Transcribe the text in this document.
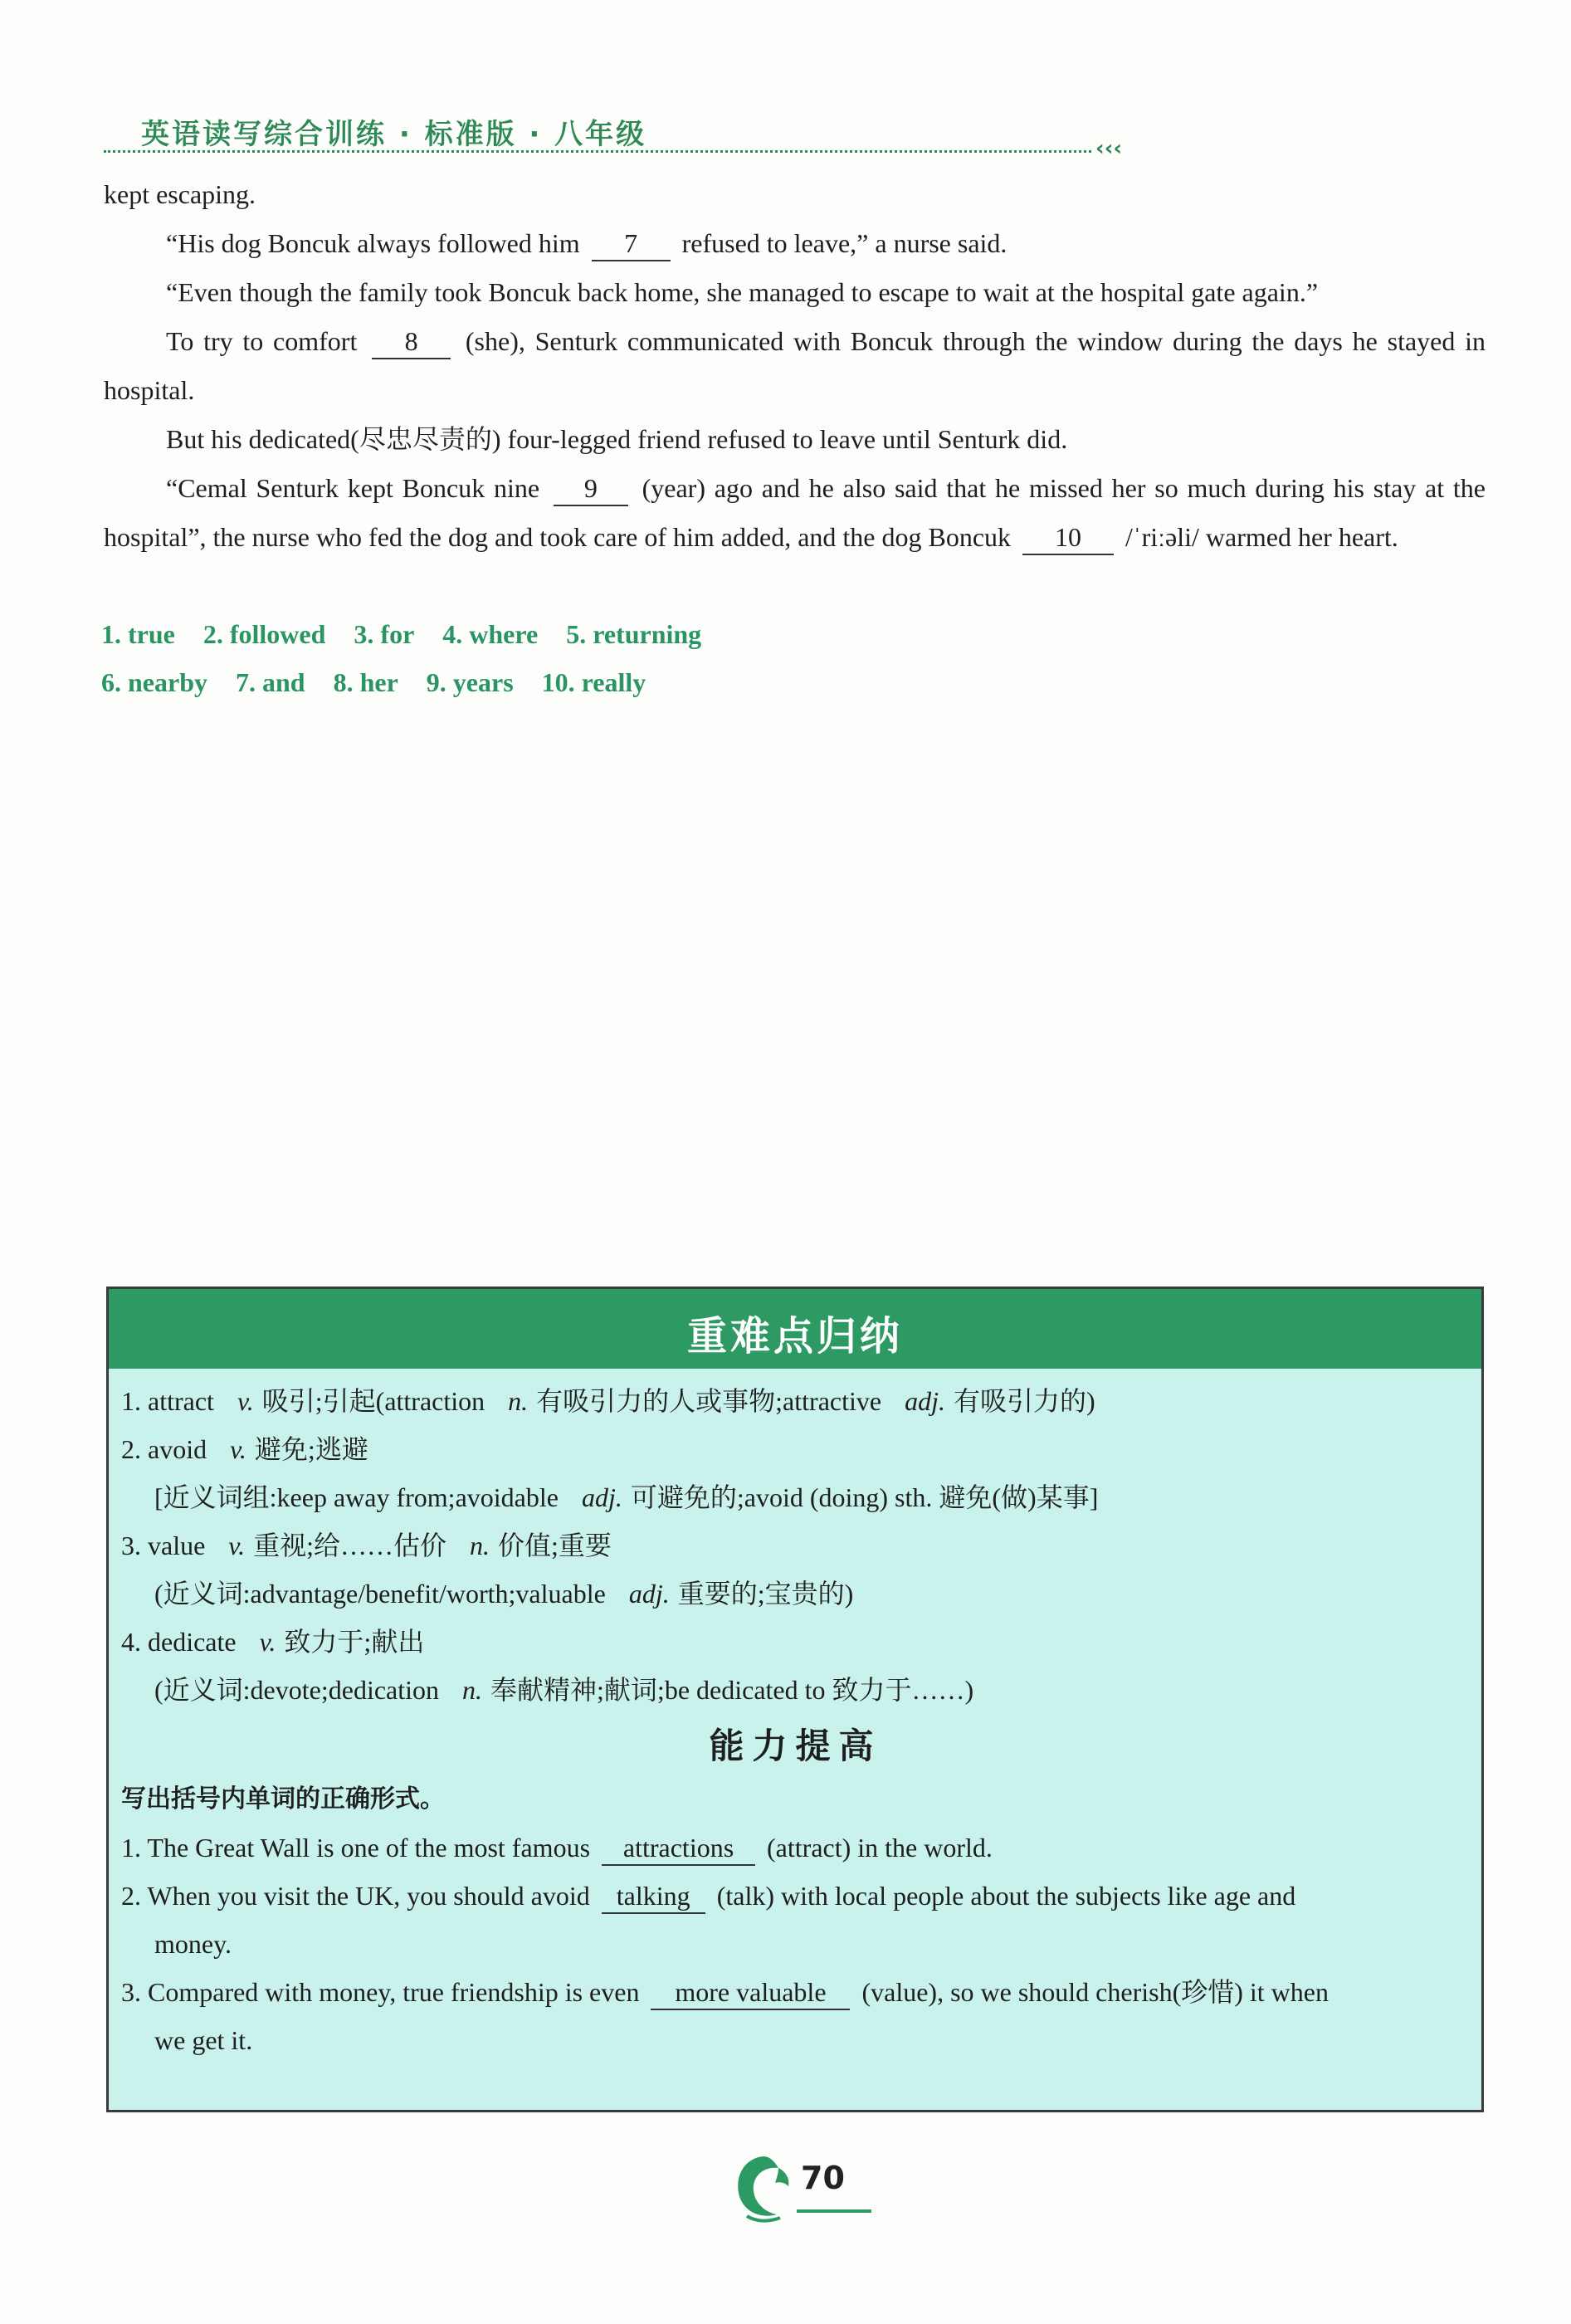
英语读写综合训练 · 标准版 · 八年级	‹‹‹

kept escaping.

“His dog Boncuk always followed him 7 refused to leave,” a nurse said.

“Even though the family took Boncuk back home, she managed to escape to wait at the hospital gate again.”

To try to comfort 8 (she), Senturk communicated with Boncuk through the window during the days he stayed in hospital.

But his dedicated(尽忠尽责的) four-legged friend refused to leave until Senturk did.

“Cemal Senturk kept Boncuk nine 9 (year) ago and he also said that he missed her so much during his stay at the hospital”, the nurse who fed the dog and took care of him added, and the dog Boncuk 10 /ˈriːəli/ warmed her heart.

1. true 2. followed 3. for 4. where 5. returning
6. nearby 7. and 8. her 9. years 10. really
重难点归纳
1. attract v. 吸引;引起(attraction n. 有吸引力的人或事物;attractive adj. 有吸引力的)
2. avoid v. 避免;逃避
[近义词组:keep away from;avoidable adj. 可避免的;avoid (doing) sth. 避免(做)某事]
3. value v. 重视;给……估价 n. 价值;重要
(近义词:advantage/benefit/worth;valuable adj. 重要的;宝贵的)
4. dedicate v. 致力于;献出
(近义词:devote;dedication n. 奉献精神;献词;be dedicated to 致力于……)
能力提高
写出括号内单词的正确形式。
1. The Great Wall is one of the most famous attractions (attract) in the world.
2. When you visit the UK, you should avoid talking (talk) with local people about the subjects like age and
money.
3. Compared with money, true friendship is even more valuable (value), so we should cherish(珍惜) it when
we get it.
70
